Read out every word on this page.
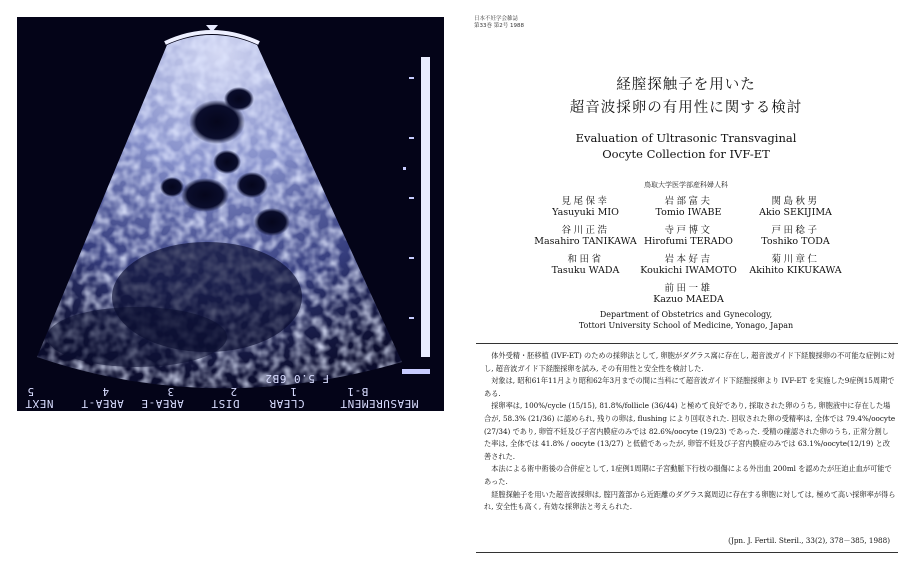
F 5.0 6B2
5
NEXT
4
AREA-T
3
AREA-E
2
DIST
1
CLEAR
B-1
MEASUREMENT
日本不妊学会雑誌
第33巻 第2号 1988
経膣探触子を用いた
超音波採卵の有用性に関する検討
Evaluation of Ultrasonic Transvaginal
Oocyte Collection for IVF-ET
鳥取大学医学部産科婦人科
見尾保幸	岩部富夫	関島秋男
Yasuyuki MIO	Tomio IWABE	Akio SEKIJIMA
谷川正浩	寺戸博文	戸田稔子
Masahiro TANIKAWA Hirofumi TERADO	Toshiko TODA
和田省	岩本好吉	菊川章仁
Tasuku WADA	Koukichi IWAMOTO	Akihito KIKUKAWA
前田一雄
Kazuo MAEDA
Department of Obstetrics and Gynecology,
Tottori University School of Medicine, Yonago, Japan

体外受精・胚移植 (IVF-ET) のための採卵法として, 卵胞がダグラス窩に存在し, 超音波ガイド下経腹採卵の不可能な症例に対し, 超音波ガイド下経膣採卵を試み, その有用性と安全性を検討した.

対象は, 昭和61年11月より昭和62年3月までの間に当科にて超音波ガイド下経膣採卵より IVF-ET を実施した9症例15周期である.

採卵率は, 100%/cycle (15/15), 81.8%/follicle (36/44) と極めて良好であり, 採取された卵のうち, 卵胞液中に存在した場合が, 58.3% (21/36) に認められ, 残りの卵は, flushing により回収された. 回収された卵の受精率は, 全体では 79.4%/oocyte (27/34) であり, 卵管不妊及び子宮内膜症のみでは 82.6%/oocyte (19/23) であった. 受精の確認された卵のうち, 正常分割した率は, 全体では 41.8% / oocyte (13/27) と低値であったが, 卵管不妊及び子宮内膜症のみでは 63.1%/oocyte(12/19) と改善された.

本法による術中術後の合併症として, 1症例1周期に子宮動脈下行枝の損傷による外出血 200ml を認めたが圧迫止血が可能であった.

経膣探触子を用いた超音波採卵は, 腟円蓋部から近距離のダグラス窩周辺に存在する卵胞に対しては, 極めて高い採卵率が得られ, 安全性も高く, 有効な採卵法と考えられた.

(Jpn. J. Fertil. Steril., 33(2), 378－385, 1988)
